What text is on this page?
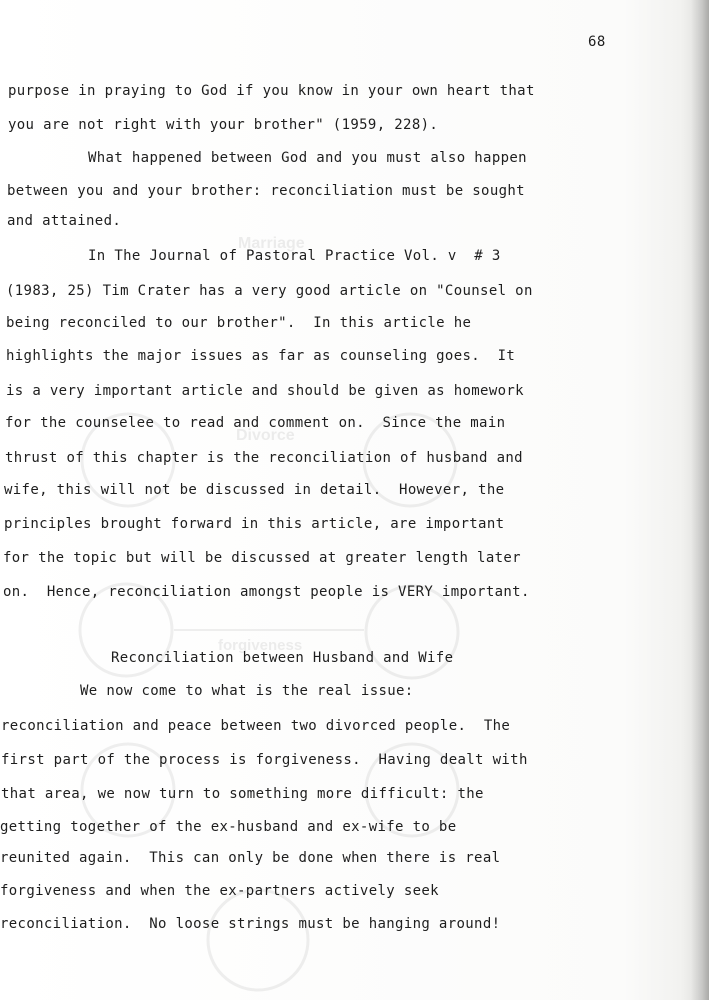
Marriage
Divorce
forgiveness
68
purpose in praying to God if you know in your own heart that
you are not right with your brother" (1959, 228).
What happened between God and you must also happen
between you and your brother: reconciliation must be sought
and attained.
In The Journal of Pastoral Practice Vol. v  # 3
(1983, 25) Tim Crater has a very good article on "Counsel on
being reconciled to our brother".  In this article he
highlights the major issues as far as counseling goes.  It
is a very important article and should be given as homework
for the counselee to read and comment on.  Since the main
thrust of this chapter is the reconciliation of husband and
wife, this will not be discussed in detail.  However, the
principles brought forward in this article, are important
for the topic but will be discussed at greater length later
on.  Hence, reconciliation amongst people is VERY important.
Reconciliation between Husband and Wife
We now come to what is the real issue:
reconciliation and peace between two divorced people.  The
first part of the process is forgiveness.  Having dealt with
that area, we now turn to something more difficult: the
getting together of the ex-husband and ex-wife to be
reunited again.  This can only be done when there is real
forgiveness and when the ex-partners actively seek
reconciliation.  No loose strings must be hanging around!
